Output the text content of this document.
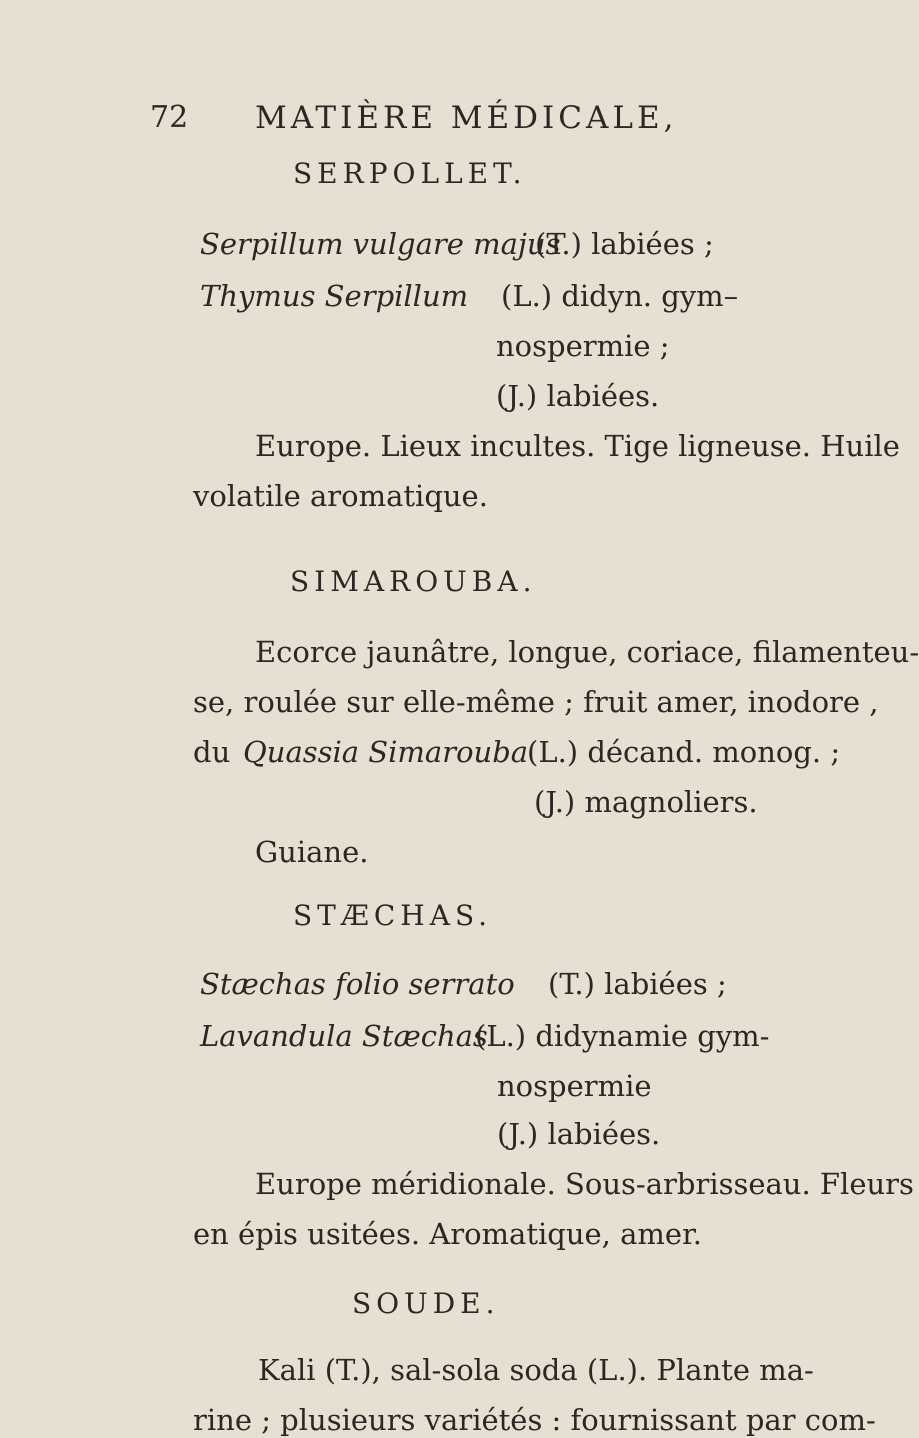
72 MATIÈRE MÉDICALE,
SERPOLLET.
Serpillum vulgare majus
(T.) labiées ;
Thymus Serpillum (L.) didyn. gym–
nospermie ;
(J.) labiées.
Europe. Lieux incultes. Tige ligneuse. Huile
volatile aromatique.
SIMAROUBA.
Ecorce jaunâtre, longue, coriace, filamenteu-
se, roulée sur elle-même ; fruit amer, inodore ,
du Quassia Simarouba
(L.) décand. monog. ;
(J.) magnoliers.
Guiane.
STÆCHAS.
Stæchas folio serrato (T.) labiées ;
Lavandula Stæchas
(L.) didynamie gym-
nospermie
(J.) labiées.
Europe méridionale. Sous-arbrisseau. Fleurs
en épis usitées. Aromatique, amer.
SOUDE.
Kali (T.), sal-sola soda (L.). Plante ma-
rine ; plusieurs variétés : fournissant par com-
